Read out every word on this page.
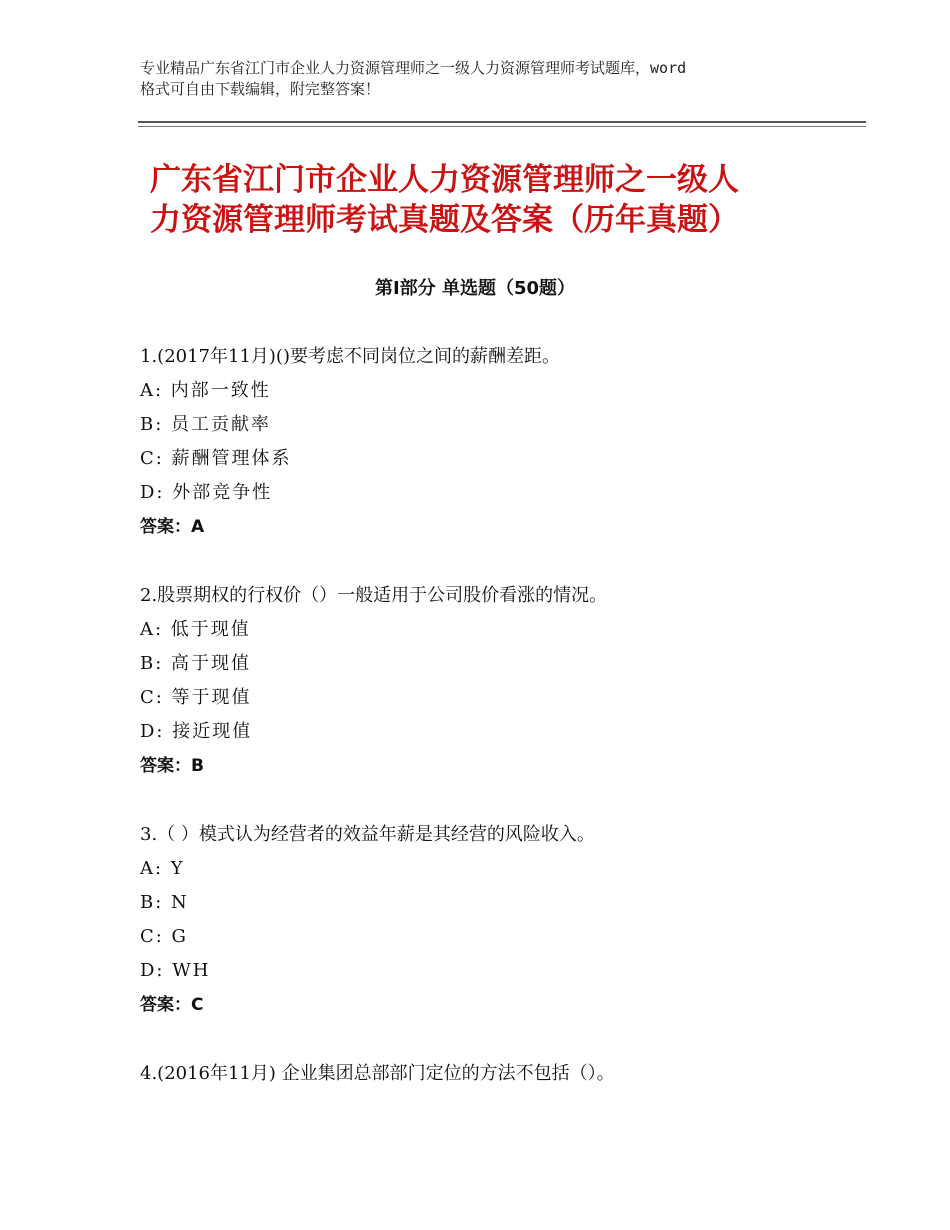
专业精品广东省江门市企业人力资源管理师之一级人力资源管理师考试题库，word
格式可自由下载编辑，附完整答案！
广东省江门市企业人力资源管理师之一级人
力资源管理师考试真题及答案（历年真题）
第Ⅰ部分 单选题（50题）

1.(2017年11月)()要考虑不同岗位之间的薪酬差距。

A: 内部一致性

B: 员工贡献率

C: 薪酬管理体系

D: 外部竞争性

答案：A

2.股票期权的行权价（）一般适用于公司股价看涨的情况。

A: 低于现值

B: 高于现值

C: 等于现值

D: 接近现值

答案：B

3.（ ）模式认为经营者的效益年薪是其经营的风险收入。

A: Y

B: N

C: G

D: WH

答案：C

4.(2016年11月) 企业集团总部部门定位的方法不包括（）。
